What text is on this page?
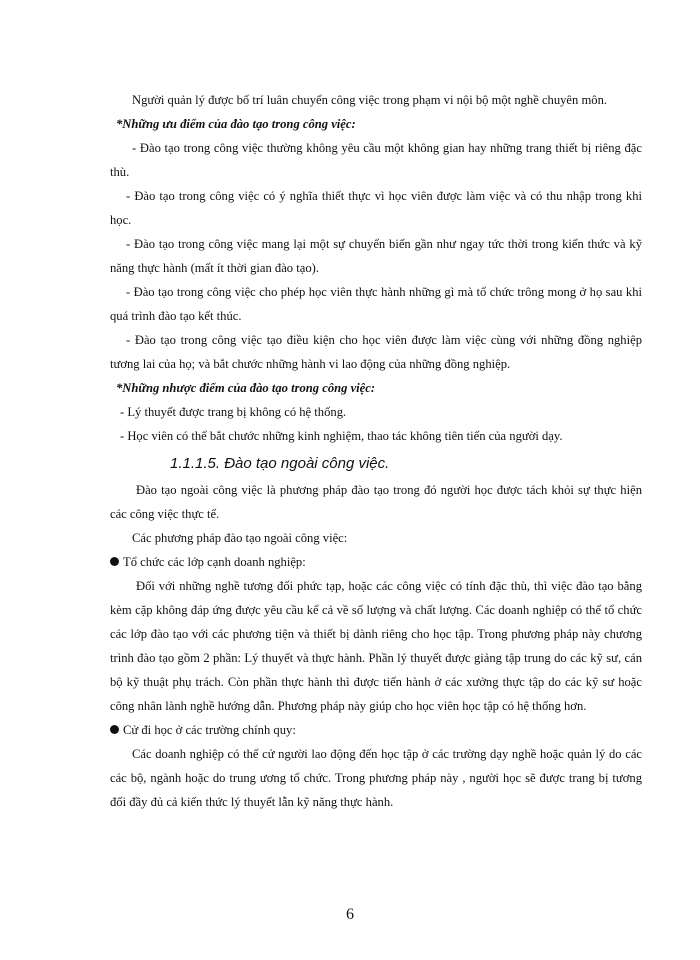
Người quản lý được bố trí luân chuyển công việc trong phạm vi nội bộ một nghề chuyên môn.

*Những ưu điểm của đào tạo trong công việc:

- Đào tạo trong công việc thường không yêu cầu một không gian hay những trang thiết bị riêng đặc thù.

- Đào tạo trong công việc có ý nghĩa thiết thực vì học viên được làm việc và có thu nhập trong khi học.

- Đào tạo trong công việc mang lại một sự chuyển biến gần như ngay tức thời trong kiến thức và kỹ năng thực hành (mất ít thời gian đào tạo).

- Đào tạo trong công việc cho phép học viên thực hành những gì mà tổ chức trông mong ở họ sau khi quá trình đào tạo kết thúc.

- Đào tạo trong công việc tạo điều kiện cho học viên được làm việc cùng với những đồng nghiệp tương lai của họ; và bắt chước những hành vi lao động của những đồng nghiệp.

*Những nhược điểm của đào tạo trong công việc:

- Lý thuyết được trang bị không có hệ thống.

- Học viên có thể bắt chước những kinh nghiệm, thao tác không tiên tiến của người dạy.

1.1.1.5. Đào tạo ngoài công việc.

Đào tạo ngoài công việc là phương pháp đào tạo trong đó người học được tách khỏi sự thực hiện các công việc thực tế.

Các phương pháp đào tạo ngoài công việc:

Tổ chức các lớp cạnh doanh nghiệp:

Đối với những nghề tương đối phức tạp, hoặc các công việc có tính đặc thù, thì việc đào tạo bằng kèm cặp không đáp ứng được yêu cầu kể cả về số lượng và chất lượng. Các doanh nghiệp có thể tổ chức các lớp đào tạo với các phương tiện và thiết bị dành riêng cho học tập. Trong phương pháp này chương trình đào tạo gồm 2 phần: Lý thuyết và thực hành. Phần lý thuyết được giảng tập trung do các kỹ sư, cán bộ kỹ thuật phụ trách. Còn phần thực hành thì được tiến hành ở các xưởng thực tập do các kỹ sư hoặc công nhân lành nghề hướng dẫn. Phương pháp này giúp cho học viên học tập có hệ thống hơn.

Cử đi học ở các trường chính quy:

Các doanh nghiệp có thể cử người lao động đến học tập ở các trường dạy nghề hoặc quản lý do các các bộ, ngành hoặc do trung ương tổ chức. Trong phương pháp này , người học sẽ được trang bị tương đối đầy đủ cả kiến thức lý thuyết lẫn kỹ năng thực hành.

6
